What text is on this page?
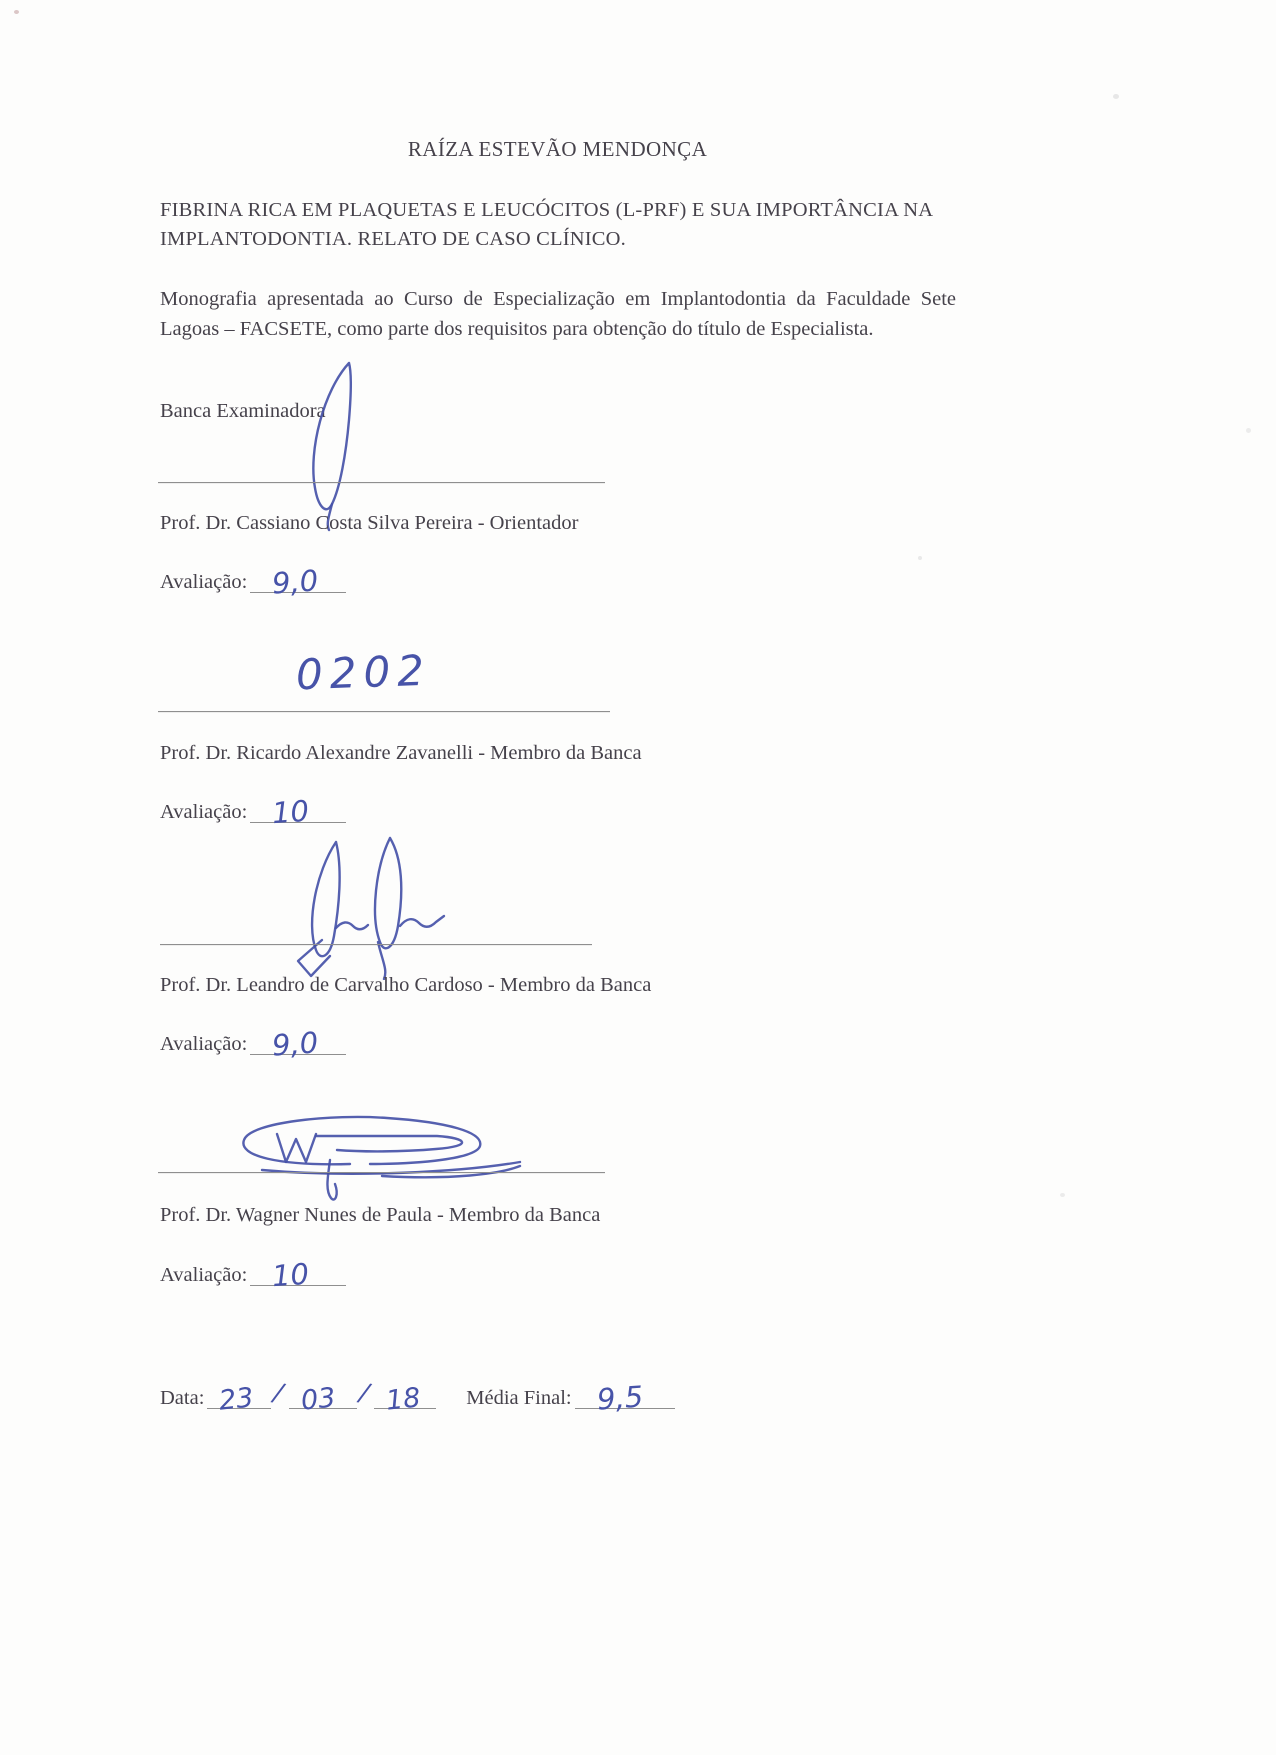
RAÍZA ESTEVÃO MENDONÇA
FIBRINA RICA EM PLAQUETAS E LEUCÓCITOS (L-PRF) E SUA IMPORTÂNCIA NA IMPLANTODONTIA. RELATO DE CASO CLÍNICO.
Monografia apresentada ao Curso de Especialização em Implantodontia da Faculdade Sete Lagoas – FACSETE, como parte dos requisitos para obtenção do título de Especialista.
Banca Examinadora
Prof. Dr. Cassiano Costa Silva Pereira - Orientador
Avaliação: 9,0
0202
Prof. Dr. Ricardo Alexandre Zavanelli - Membro da Banca
Avaliação: 10
Prof. Dr. Leandro de Carvalho Cardoso - Membro da Banca
Avaliação: 9,0
Prof. Dr. Wagner Nunes de Paula - Membro da Banca
Avaliação: 10
Data: 23 / 03 / 18 Média Final: 9,5
